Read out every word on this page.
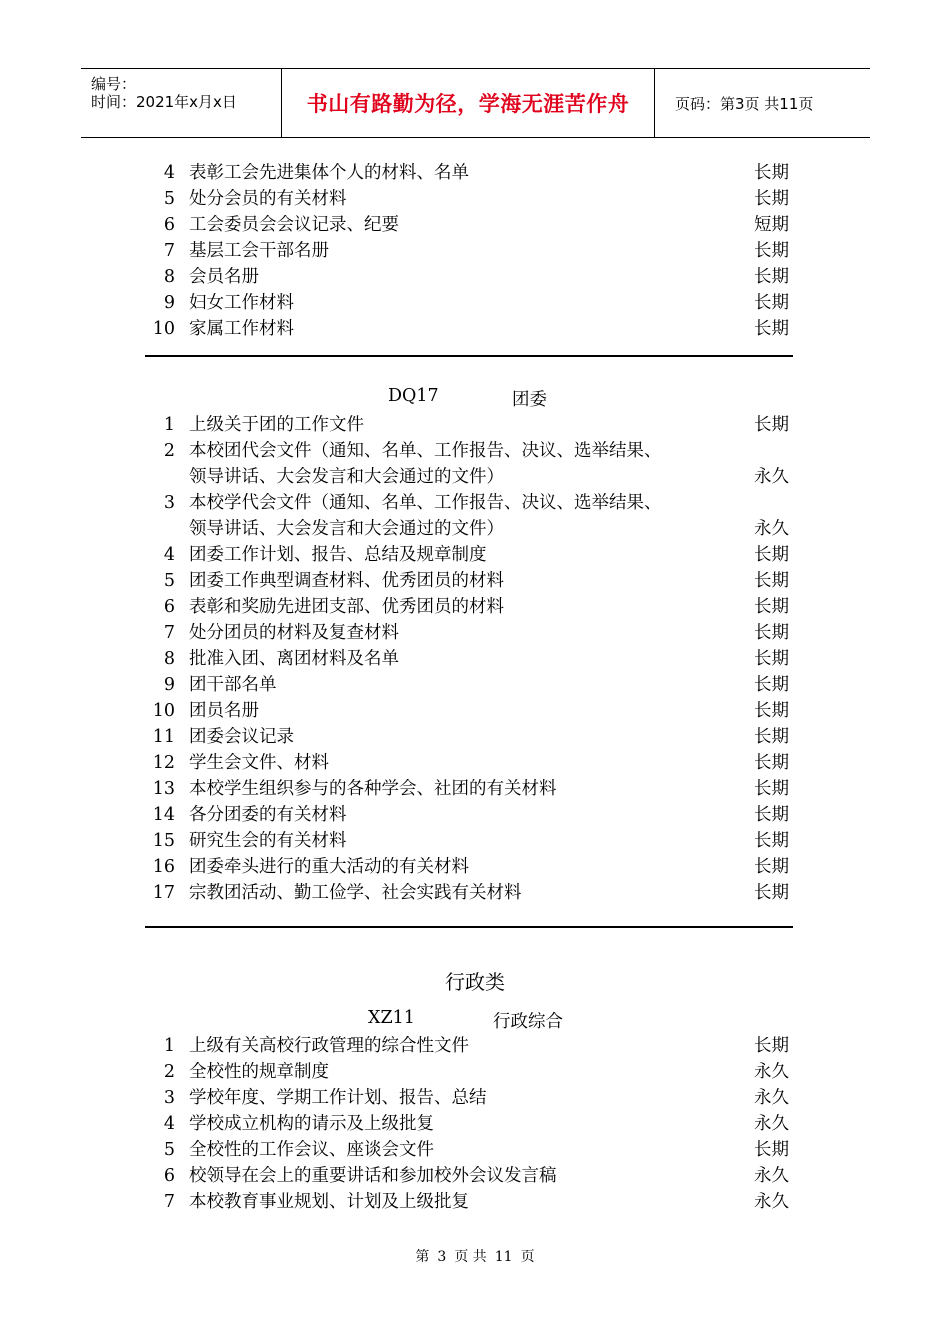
编号：
时间：2021年x月x日	书山有路勤为径，学海无涯苦作舟	页码：第3页 共11页
4 表彰工会先进集体个人的材料、名单	长期
5 处分会员的有关材料	长期
6 工会委员会会议记录、纪要	短期
7 基层工会干部名册	长期
8 会员名册	长期
9 妇女工作材料	长期
10 家属工作材料	长期
DQ17	团委
1 上级关于团的工作文件	长期
2 本校团代会文件（通知、名单、工作报告、决议、选举结果、
领导讲话、大会发言和大会通过的文件）	永久
3 本校学代会文件（通知、名单、工作报告、决议、选举结果、
领导讲话、大会发言和大会通过的文件）	永久
4 团委工作计划、报告、总结及规章制度	长期
5 团委工作典型调查材料、优秀团员的材料	长期
6 表彰和奖励先进团支部、优秀团员的材料	长期
7 处分团员的材料及复查材料	长期
8 批准入团、离团材料及名单	长期
9 团干部名单	长期
10 团员名册	长期
11 团委会议记录	长期
12 学生会文件、材料	长期
13 本校学生组织参与的各种学会、社团的有关材料	长期
14 各分团委的有关材料	长期
15 研究生会的有关材料	长期
16 团委牵头进行的重大活动的有关材料	长期
17 宗教团活动、勤工俭学、社会实践有关材料	长期
行政类
XZ11	行政综合
1 上级有关高校行政管理的综合性文件	长期
2 全校性的规章制度	永久
3 学校年度、学期工作计划、报告、总结	永久
4 学校成立机构的请示及上级批复	永久
5 全校性的工作会议、座谈会文件	长期
6 校领导在会上的重要讲话和参加校外会议发言稿	永久
7 本校教育事业规划、计划及上级批复	永久
第 3 页 共 11 页
